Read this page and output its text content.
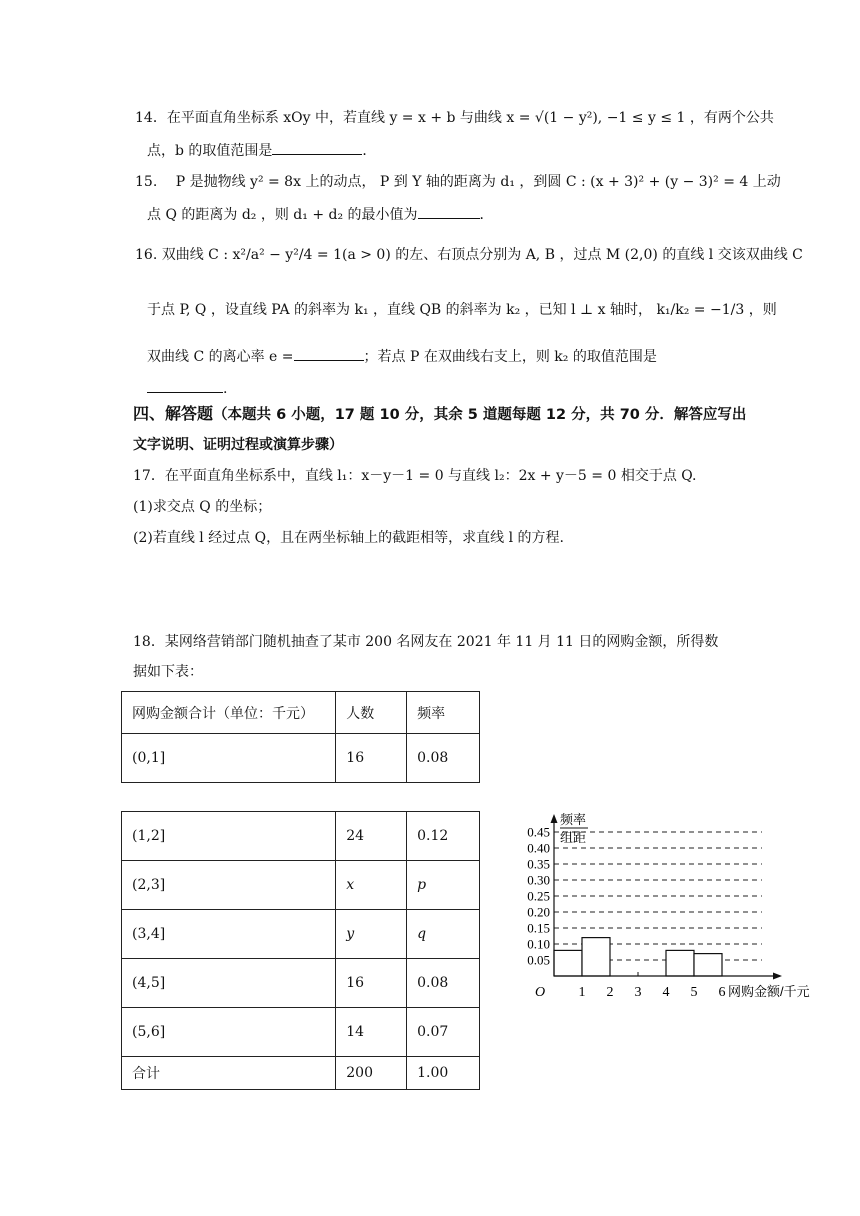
14．在平面直角坐标系 xOy 中，若直线 y = x + b 与曲线 x = √(1 − y²), −1 ≤ y ≤ 1 ，有两个公共
点，b 的取值范围是	．
15.　 P 是抛物线 y² = 8x 上的动点， P 到 Y 轴的距离为 d₁ ，到圆 C : (x + 3)² + (y − 3)² = 4 上动
点 Q 的距离为 d₂ ，则 d₁ + d₂ 的最小值为	．
16. 双曲线 C : x²/a² − y²/4 = 1(a > 0) 的左、右顶点分别为 A, B ，过点 M (2,0) 的直线 l 交该双曲线 C
于点 P, Q ，设直线 PA 的斜率为 k₁ ，直线 QB 的斜率为 k₂ ，已知 l ⊥ x 轴时， k₁/k₂ = −1/3 ，则
双曲线 C 的离心率 e =	；若点 P 在双曲线右支上，则 k₂ 的取值范围是
.
四、解答题（本题共 6 小题，17 题 10 分，其余 5 道题每题 12 分，共 70 分．解答应写出
文字说明、证明过程或演算步骤）
17．在平面直角坐标系中，直线 l₁：x－y－1 = 0 与直线 l₂：2x + y－5 = 0 相交于点 Q.
(1)求交点 Q 的坐标；
(2)若直线 l 经过点 Q，且在两坐标轴上的截距相等，求直线 l 的方程.
18．某网络营销部门随机抽查了某市 200 名网友在 2021 年 11 月 11 日的网购金额，所得数
据如下表：
网购金额合计（单位：千元）	人数	频率
(0,1]	16	0.08
(1,2]	24	0.12
(2,3]	x	p
(3,4]	y	q
(4,5]	16	0.08
(5,6]	14	0.07
合计	200	1.00
0.05
0.10
0.15
0.20
0.25
0.30
0.35
0.40
0.45
1 2 3 4 5 6
频率
组距
O	网购金额/千元
